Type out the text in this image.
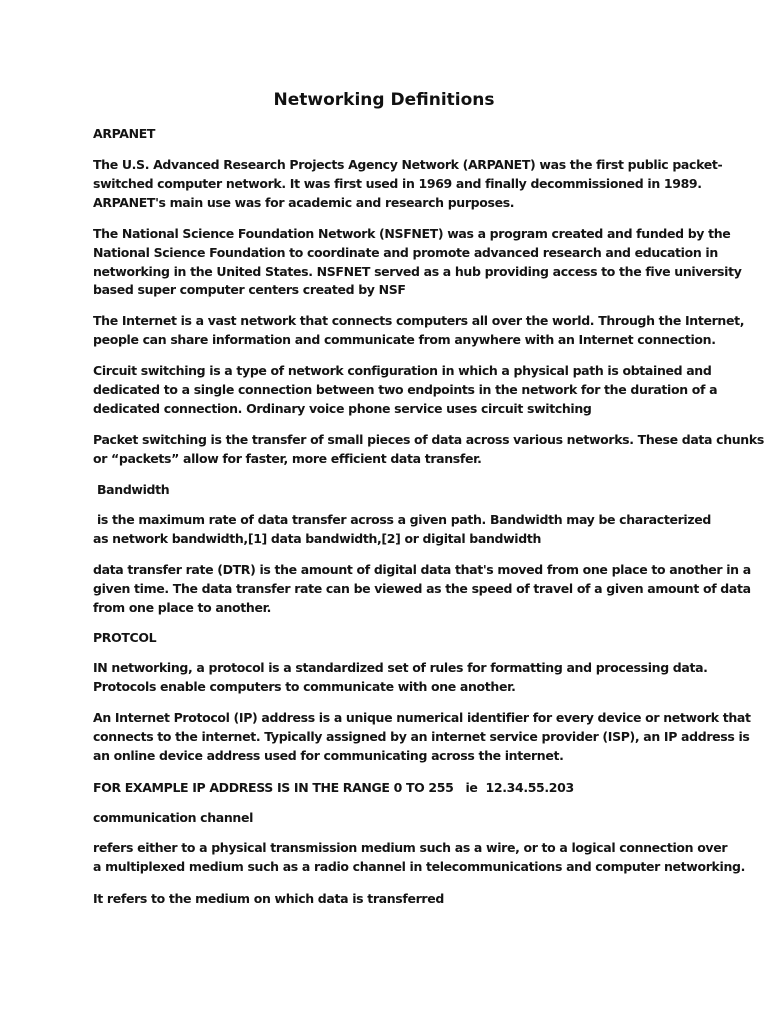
Networking Definitions
ARPANET
The U.S. Advanced Research Projects Agency Network (ARPANET) was the first public packet-
switched computer network. It was first used in 1969 and finally decommissioned in 1989.
ARPANET's main use was for academic and research purposes.
The National Science Foundation Network (NSFNET) was a program created and funded by the
National Science Foundation to coordinate and promote advanced research and education in
networking in the United States. NSFNET served as a hub providing access to the five university
based super computer centers created by NSF
The Internet is a vast network that connects computers all over the world. Through the Internet,
people can share information and communicate from anywhere with an Internet connection.
Circuit switching is a type of network configuration in which a physical path is obtained and
dedicated to a single connection between two endpoints in the network for the duration of a
dedicated connection. Ordinary voice phone service uses circuit switching
Packet switching is the transfer of small pieces of data across various networks. These data chunks
or “packets” allow for faster, more efficient data transfer.
Bandwidth
is the maximum rate of data transfer across a given path. Bandwidth may be characterized
as network bandwidth,[1] data bandwidth,[2] or digital bandwidth
data transfer rate (DTR) is the amount of digital data that's moved from one place to another in a
given time. The data transfer rate can be viewed as the speed of travel of a given amount of data
from one place to another.
PROTCOL
IN networking, a protocol is a standardized set of rules for formatting and processing data.
Protocols enable computers to communicate with one another.
An Internet Protocol (IP) address is a unique numerical identifier for every device or network that
connects to the internet. Typically assigned by an internet service provider (ISP), an IP address is
an online device address used for communicating across the internet.
FOR EXAMPLE IP ADDRESS IS IN THE RANGE 0 TO 255   ie  12.34.55.203
communication channel
refers either to a physical transmission medium such as a wire, or to a logical connection over
a multiplexed medium such as a radio channel in telecommunications and computer networking.
It refers to the medium on which data is transferred
